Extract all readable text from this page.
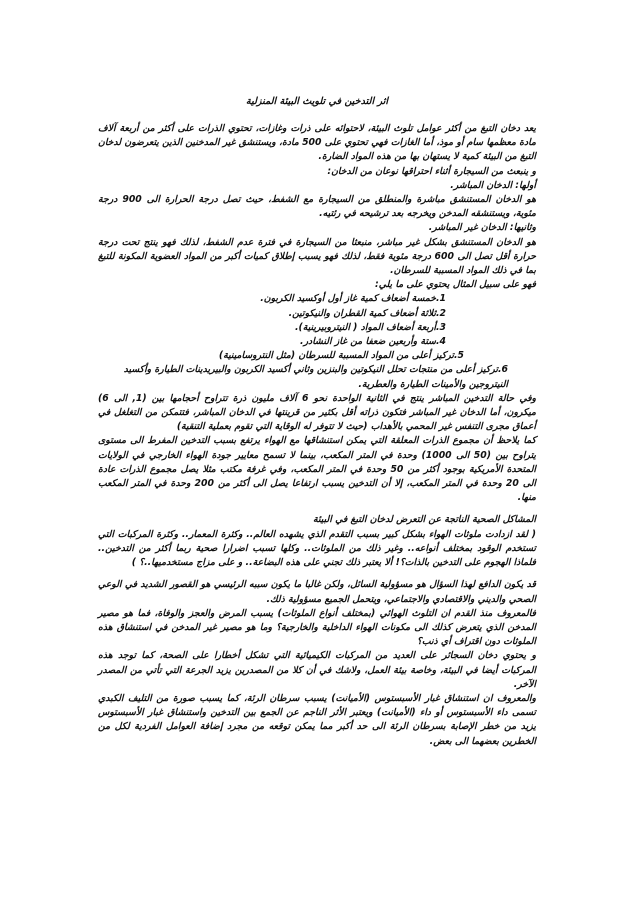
اثر التدخين في تلويث البيئة المنزلية

يعد دخان التبغ من أكثر عوامل تلوث البيئة، لاحتوائه على ذرات وغازات، تحتوي الذرات على أكثر من أربعة آلاف مادة معظمها سام أو موذ، أما الغازات فهي تحتوي على 500 مادة، ويستنشق غير المدخنين الذين يتعرضون لدخان التبغ من البيئة كمية لا يستهان بها من هذه المواد الضارة.

و ينبعث من السيجارة أثناء احتراقها نوعان من الدخان:

أولها: الدخان المباشر.

هو الدخان المستنشق مباشرة والمنطلق من السيجارة مع الشفط، حيث تصل درجة الحرارة الى 900 درجة مئوية، ويستنشقه المدخن ويخرجه بعد ترشيحه في رئتيه.

وثانيها: الدخان غير المباشر.

هو الدخان المستنشق بشكل غير مباشر، منبعثا من السيجارة في فترة عدم الشفط، لذلك فهو ينتج تحت درجة حرارة أقل تصل الى 600 درجة مئوية فقط، لذلك فهو يسبب إطلاق كميات أكبر من المواد العضوية المكونة للتبغ بما في ذلك المواد المسببة للسرطان.

فهو على سبيل المثال يحتوي على ما يلي:

1.خمسة أضعاف كمية غاز أول أوكسيد الكربون.

2.ثلاثة أضعاف كمية القطران والنيكوتين.

3.أربعة أضعاف المواد ( النيتروبيرينية).

4.ستة وأربعين ضعفا من غاز النشادر.

5.تركيز أعلى من المواد المسببة للسرطان (مثل النتروسامينية)

6.تركيز أعلى من منتجات تحلل النيكوتين والبنزين وثاني أكسيد الكربون والبيريدينات الطيارة وأكسيد النيتروجين والأمينات الطيارة والعطرية.

وفي حالة التدخين المباشر ينتج في الثانية الواحدة نحو 6 آلاف مليون ذرة تتراوح أحجامها بين (1, الى 6) ميكرون، أما الدخان غير المباشر فتكون ذراته أقل بكثير من قرينتها في الدخان المباشر، فتتمكن من التغلغل في أعماق مجرى التنفس غير المحمي بالأهداب (حيث لا تتوفر له الوقاية التي تقوم بعملية التنقية)

كما يلاحظ أن مجموع الذرات المعلقة التي يمكن استنشاقها مع الهواء يرتفع بسبب التدخين المفرط الى مستوى يتراوح بين (50 الى 1000) وحدة في المتر المكعب، بينما لا تسمح معايير جودة الهواء الخارجي في الولايات المتحدة الأمريكية بوجود أكثر من 50 وحدة في المتر المكعب، وفي غرفة مكتب مثلا يصل مجموع الذرات عادة الى 20 وحدة في المتر المكعب، إلا أن التدخين يسبب ارتفاعا يصل الى أكثر من 200 وحدة في المتر المكعب منها.

المشاكل الصحية الناتجة عن التعرض لدخان التبغ في البيئة

( لقد ازدادت ملوثات الهواء بشكل كبير بسبب التقدم الذي يشهده العالم.. وكثرة المعمار.. وكثرة المركبات التي تستخدم الوقود بمختلف أنواعه.. وغير ذلك من الملوثات.. وكلها تسبب اضرارا صحية ربما أكثر من التدخين.. فلماذا الهجوم على التدخين بالذات؟! ألا يعتبر ذلك تجني على هذه البضاعة.. و على مزاج مستخدميها..؟ )

قد يكون الدافع لهذا السؤال هو مسؤولية السائل، ولكن غالبا ما يكون سببه الرئيسي هو القصور الشديد في الوعي الصحي والديني والاقتصادي والاجتماعي، ويتحمل الجميع مسؤولية ذلك.

فالمعروف منذ القدم ان التلوث الهوائي (بمختلف أنواع الملوثات) يسبب المرض والعجز والوفاة، فما هو مصير المدخن الذي يتعرض كذلك الى مكونات الهواء الداخلية والخارجية؟ وما هو مصير غير المدخن في استنشاق هذه الملوثات دون اقتراف أي ذنب؟

و يحتوي دخان السجائر على العديد من المركبات الكيميائية التي تشكل أخطارا على الصحة، كما توجد هذه المركبات أيضا في البيئة، وخاصة بيئة العمل، ولاشك في أن كلا من المصدرين يزيد الجرعة التي تأتي من المصدر الآخر.

والمعروف ان استنشاق غبار الأسبستوس (الأميانت) يسبب سرطان الرئة، كما يسبب صورة من التليف الكبدي تسمى داء الأسبستوس أو داء (الأميانت) ويعتبر الأثر الناجم عن الجمع بين التدخين واستنشاق غبار الأسبستوس يزيد من خطر الإصابة بسرطان الرئة الى حد أكبر مما يمكن توقعه من مجرد إضافة العوامل الفردية لكل من الخطرين بعضهما الى بعض.
